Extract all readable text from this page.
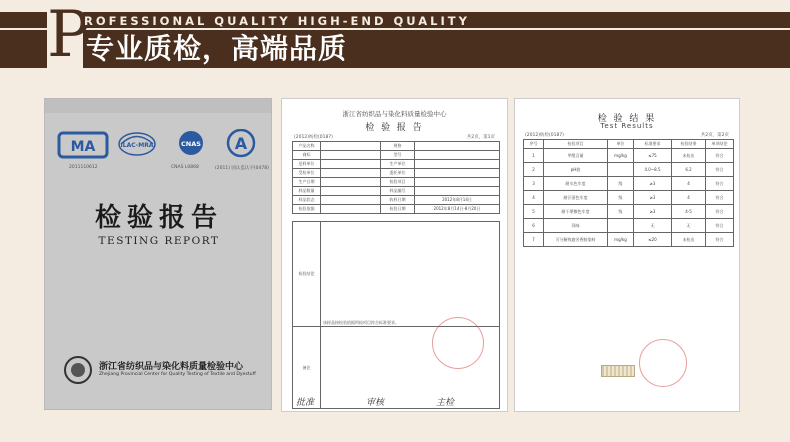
P
ROFESSIONAL QUALITY HIGH-END QUALITY
专业质检，高端品质
MA	ILAC-MRA	CNAS A
2011110612	CNAS L0868	(2011) 国认监认字(0478)
检验报告
TESTING REPORT
浙江省纺织品与染化料质量检验中心
Zhejiang Provincial Center for Quality Testing of Textile and Dyestuff
浙江省纺织品与染化料质量检验中心
检 验 报 告
(2012)纺检(0187)	共2页，第1页
产品名称		规格	
商标		型号	
送样单位		生产单位	
受检单位		委托单位	
生产日期		检验项目	
样品数量		样品编号	
样品状态		收样日期	2012年8月14日
检验依据		检验日期	2012年8月14日-8月20日
检验结论	该样品按检验依据所检项目符合标准要求。
备注	
批准	审核	主检
检 验 结 果
Test Results
(2012)纺检(0187)	共2页，第2页
序号	检验项目	单位	标准要求	检验结果	单项结论
1	甲醛含量	mg/kg	≤75	未检出	符合
2	pH值		4.0~8.5	6.2	符合
3	耐水色牢度	级	≥3	4	符合
4	耐汗渍色牢度	级	≥3	4	符合
5	耐干摩擦色牢度	级	≥3	4-5	符合
6	异味		无	无	符合
7	可分解致癌芳香胺染料	mg/kg	≤20	未检出	符合
